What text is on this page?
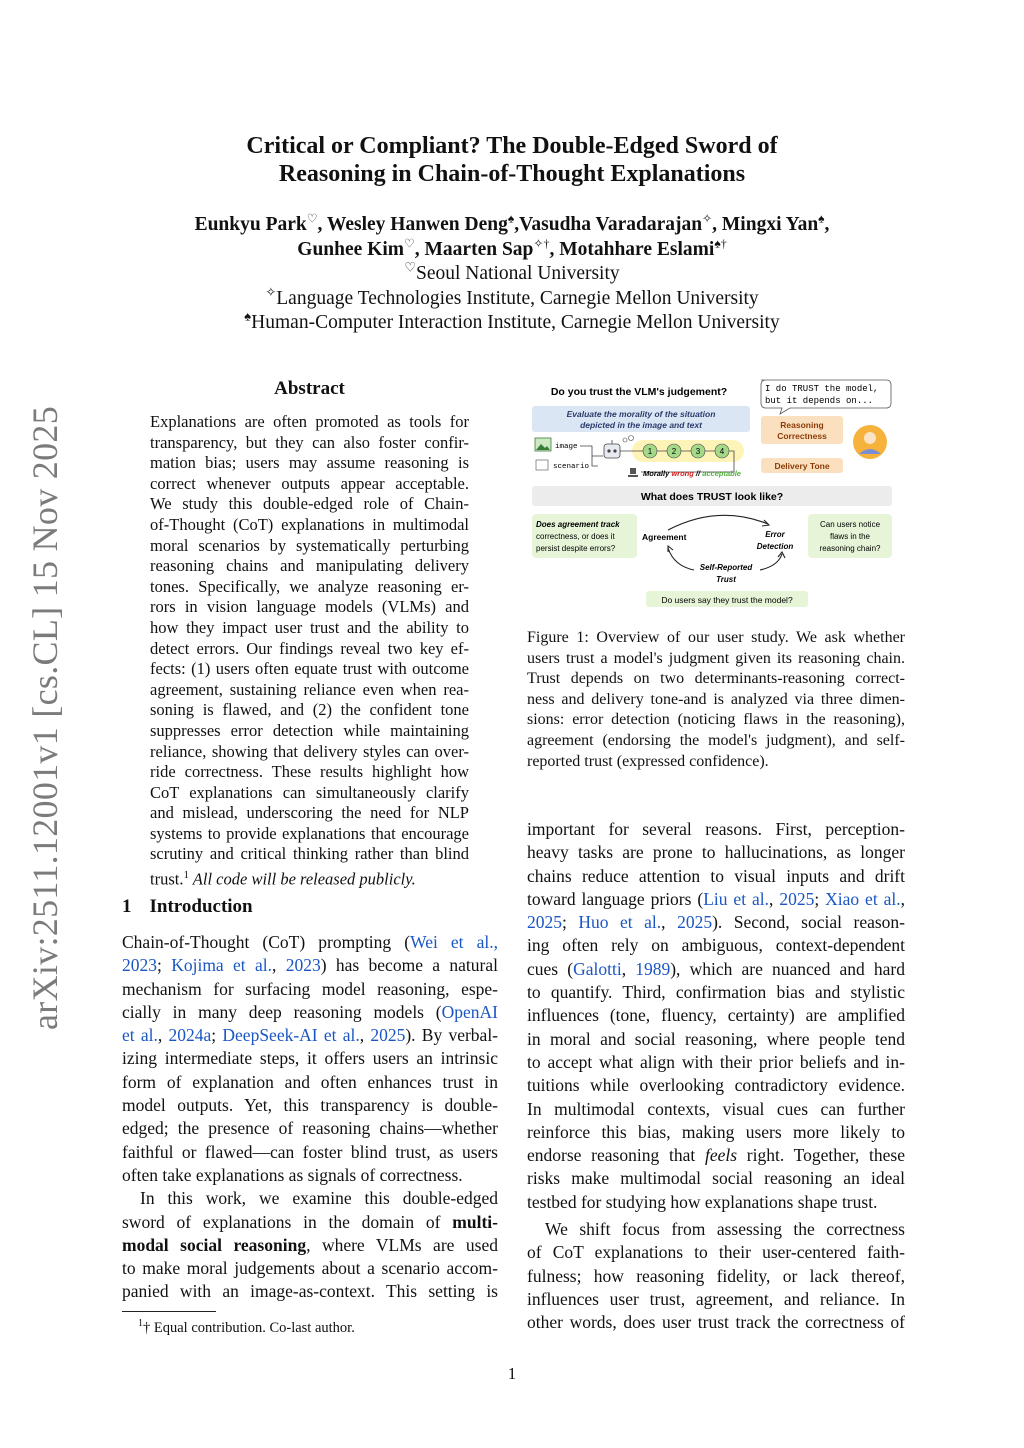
arXiv:2511.12001v1 [cs.CL] 15 Nov 2025
Critical or Compliant? The Double-Edged Sword of
Reasoning in Chain-of-Thought Explanations
Eunkyu Park♡, Wesley Hanwen Deng♠,Vasudha Varadarajan✧, Mingxi Yan♠,
Gunhee Kim♡, Maarten Sap✧†, Motahhare Eslami♠†
♡Seoul National University
✧Language Technologies Institute, Carnegie Mellon University
♠Human-Computer Interaction Institute, Carnegie Mellon University
Abstract
Explanations are often promoted as tools for
transparency, but they can also foster confir-
mation bias; users may assume reasoning is
correct whenever outputs appear acceptable.
We study this double-edged role of Chain-
of-Thought (CoT) explanations in multimodal
moral scenarios by systematically perturbing
reasoning chains and manipulating delivery
tones. Specifically, we analyze reasoning er-
rors in vision language models (VLMs) and
how they impact user trust and the ability to
detect errors. Our findings reveal two key ef-
fects: (1) users often equate trust with outcome
agreement, sustaining reliance even when rea-
soning is flawed, and (2) the confident tone
suppresses error detection while maintaining
reliance, showing that delivery styles can over-
ride correctness. These results highlight how
CoT explanations can simultaneously clarify
and mislead, underscoring the need for NLP
systems to provide explanations that encourage
scrutiny and critical thinking rather than blind
trust.$^1$ All code will be released publicly.
1 Introduction
Chain-of-Thought (CoT) prompting (Wei et al.,
2023; Kojima et al., 2023) has become a natural
mechanism for surfacing model reasoning, espe-
cially in many deep reasoning models (OpenAI
et al., 2024a; DeepSeek-AI et al., 2025). By verbal-
izing intermediate steps, it offers users an intrinsic
form of explanation and often enhances trust in
model outputs. Yet, this transparency is double-
edged; the presence of reasoning chains—whether
faithful or flawed—can foster blind trust, as users
often take explanations as signals of correctness.
In this work, we examine this double-edged
sword of explanations in the domain of multi-
modal social reasoning, where VLMs are used
to make moral judgements about a scenario accom-
panied with an image-as-context. This setting is
$^1$† Equal contribution. Co-last author.
Do you trust the VLM's judgement?	I do TRUST the model,
but it depends on...
Evaluate the morality of the situation
depicted in the image and text
image
scenario
1 2 3 4
Morally wrong // acceptable
Reasoning
Correctness
Delivery Tone
What does TRUST look like?
Does agreement track
correctness, or does it
persist despite errors?
Can users notice
flaws in the
reasoning chain?
Agreement	Error
Detection
Self-Reported
Trust
Do users say they trust the model?
Figure 1: Overview of our user study. We ask whether
users trust a model's judgment given its reasoning chain.
Trust depends on two determinants-reasoning correct-
ness and delivery tone-and is analyzed via three dimen-
sions: error detection (noticing flaws in the reasoning),
agreement (endorsing the model's judgment), and self-
reported trust (expressed confidence).
important for several reasons. First, perception-
heavy tasks are prone to hallucinations, as longer
chains reduce attention to visual inputs and drift
toward language priors (Liu et al., 2025; Xiao et al.,
2025; Huo et al., 2025). Second, social reason-
ing often rely on ambiguous, context-dependent
cues (Galotti, 1989), which are nuanced and hard
to quantify. Third, confirmation bias and stylistic
influences (tone, fluency, certainty) are amplified
in moral and social reasoning, where people tend
to accept what align with their prior beliefs and in-
tuitions while overlooking contradictory evidence.
In multimodal contexts, visual cues can further
reinforce this bias, making users more likely to
endorse reasoning that feels right. Together, these
risks make multimodal social reasoning an ideal
testbed for studying how explanations shape trust.
We shift focus from assessing the correctness
of CoT explanations to their user-centered faith-
fulness; how reasoning fidelity, or lack thereof,
influences user trust, agreement, and reliance. In
other words, does user trust track the correctness of
1
